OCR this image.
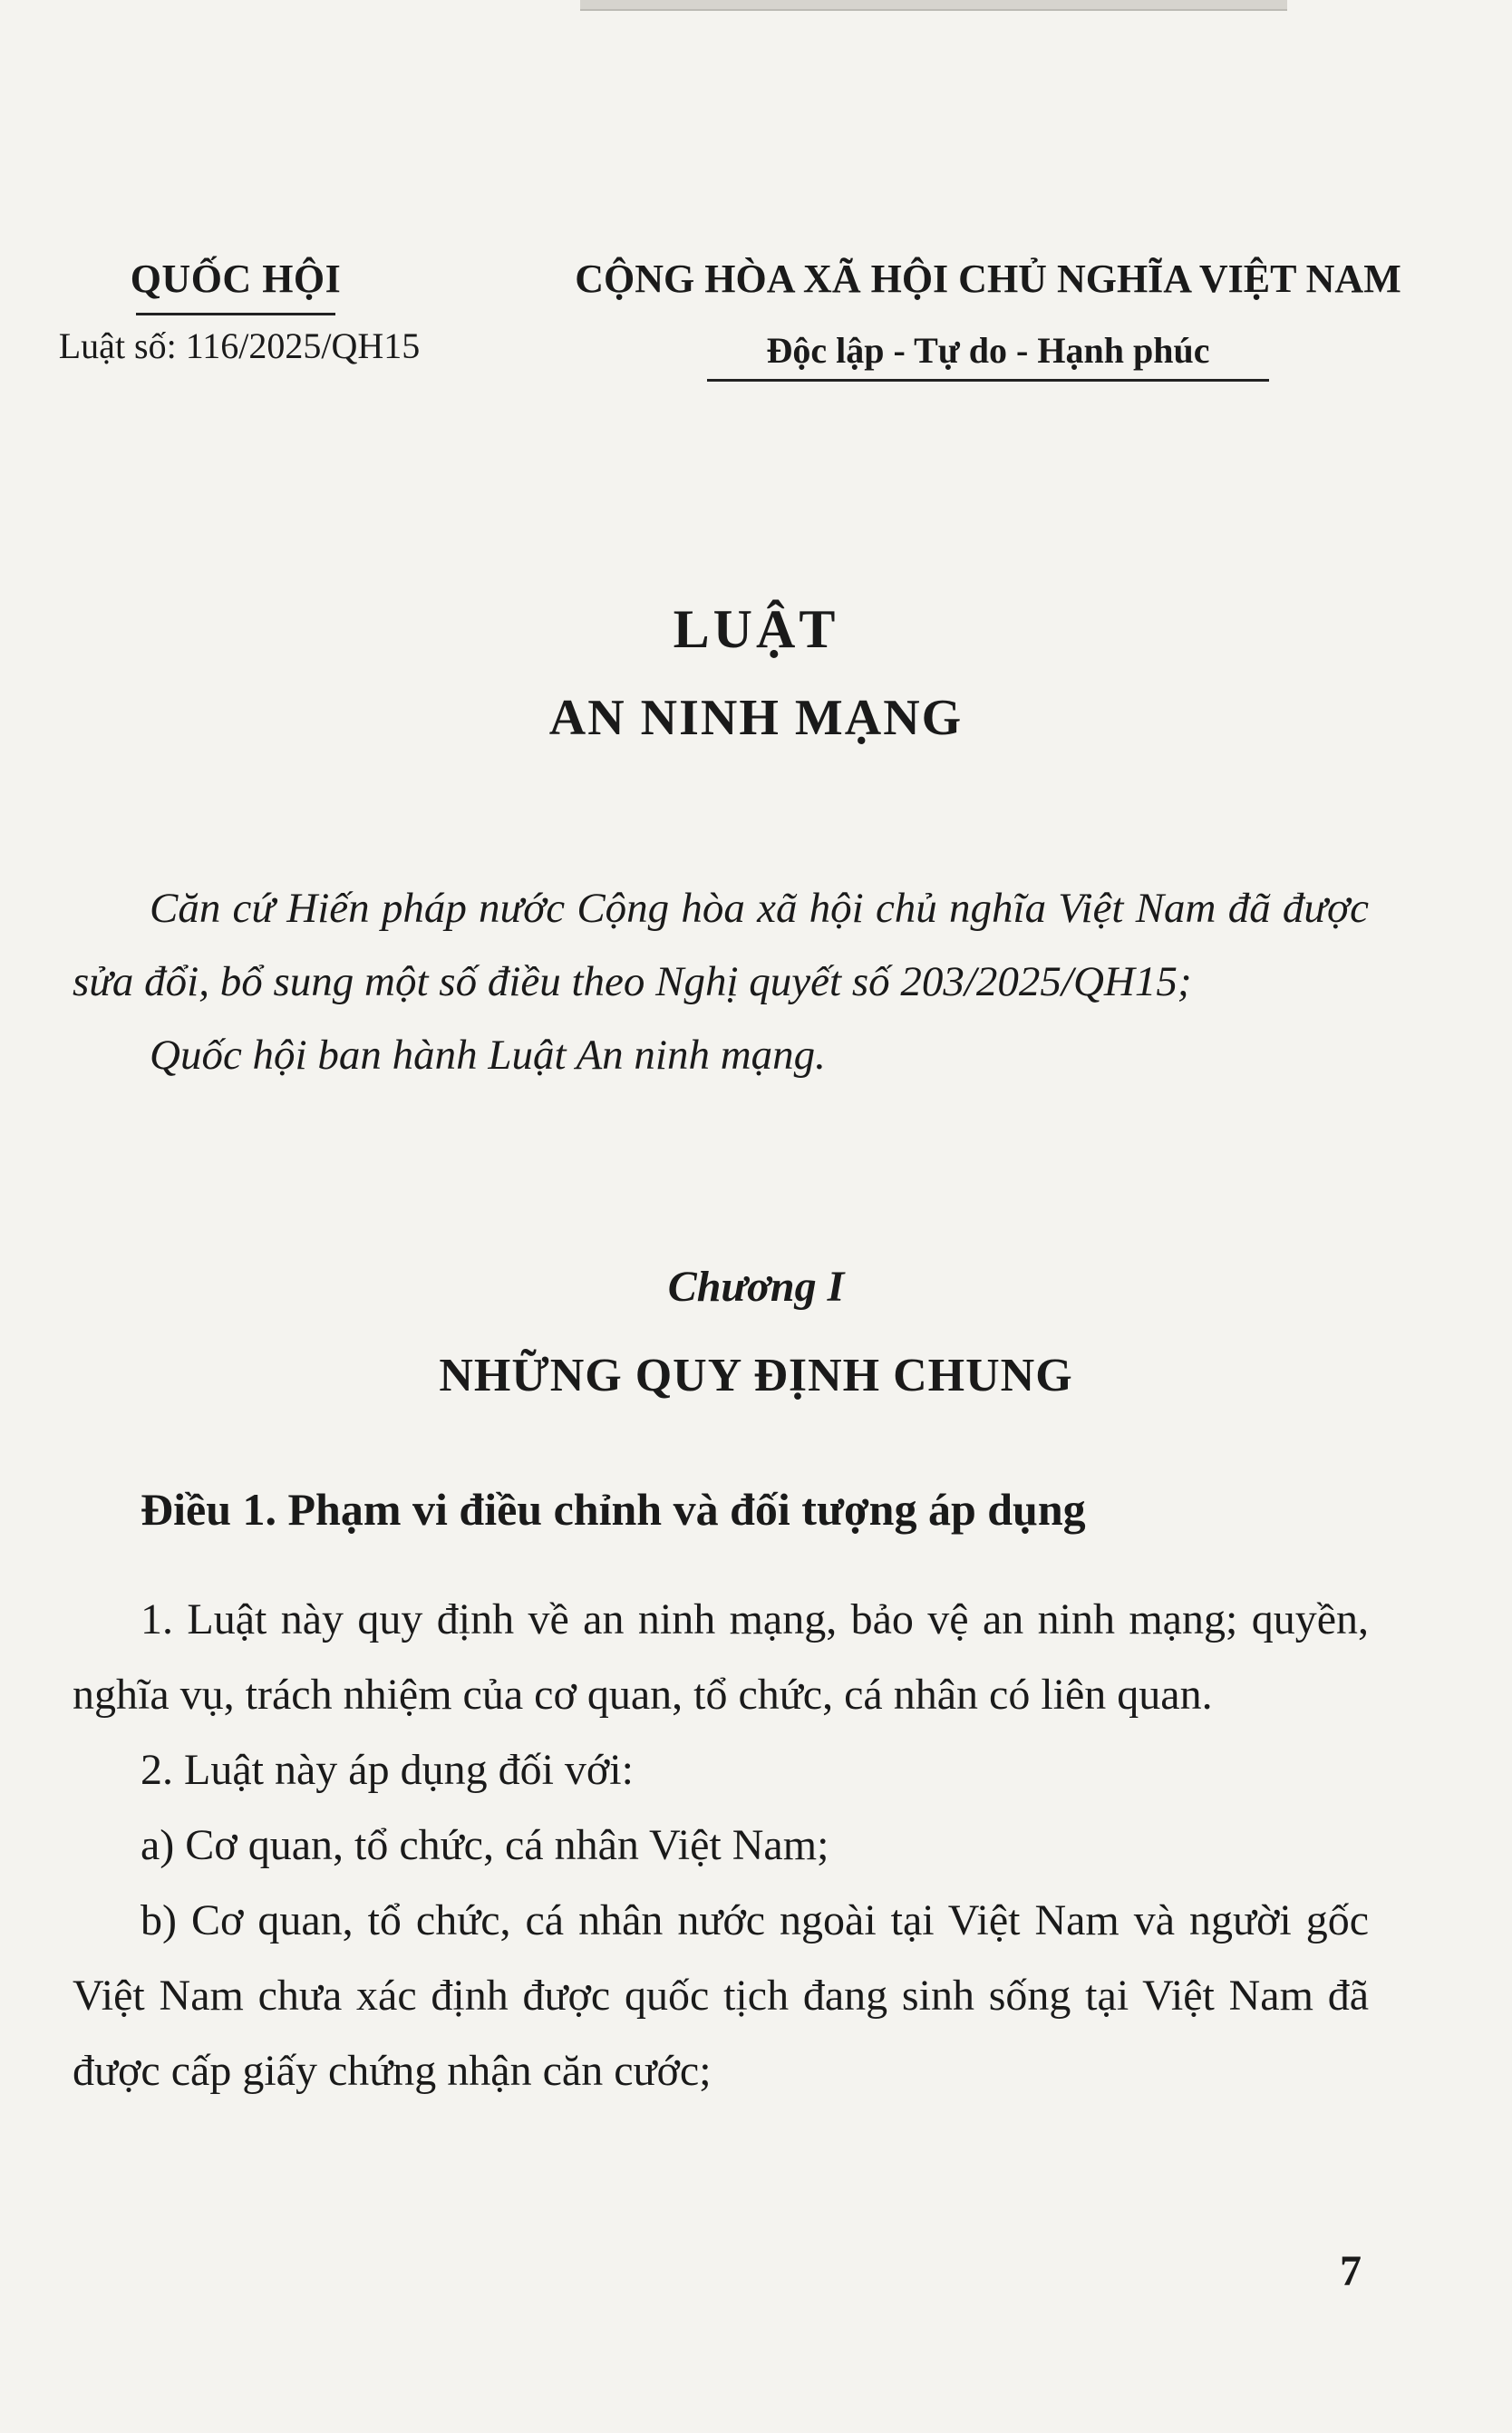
QUỐC HỘI
Luật số: 116/2025/QH15
CỘNG HÒA XÃ HỘI CHỦ NGHĨA VIỆT NAM
Độc lập - Tự do - Hạnh phúc
LUẬT
AN NINH MẠNG

Căn cứ Hiến pháp nước Cộng hòa xã hội chủ nghĩa Việt Nam đã được sửa đổi, bổ sung một số điều theo Nghị quyết số 203/2025/QH15;

Quốc hội ban hành Luật An ninh mạng.

Chương I
NHỮNG QUY ĐỊNH CHUNG
Điều 1. Phạm vi điều chỉnh và đối tượng áp dụng

1. Luật này quy định về an ninh mạng, bảo vệ an ninh mạng; quyền, nghĩa vụ, trách nhiệm của cơ quan, tổ chức, cá nhân có liên quan.

2. Luật này áp dụng đối với:

a) Cơ quan, tổ chức, cá nhân Việt Nam;

b) Cơ quan, tổ chức, cá nhân nước ngoài tại Việt Nam và người gốc Việt Nam chưa xác định được quốc tịch đang sinh sống tại Việt Nam đã được cấp giấy chứng nhận căn cước;

7
